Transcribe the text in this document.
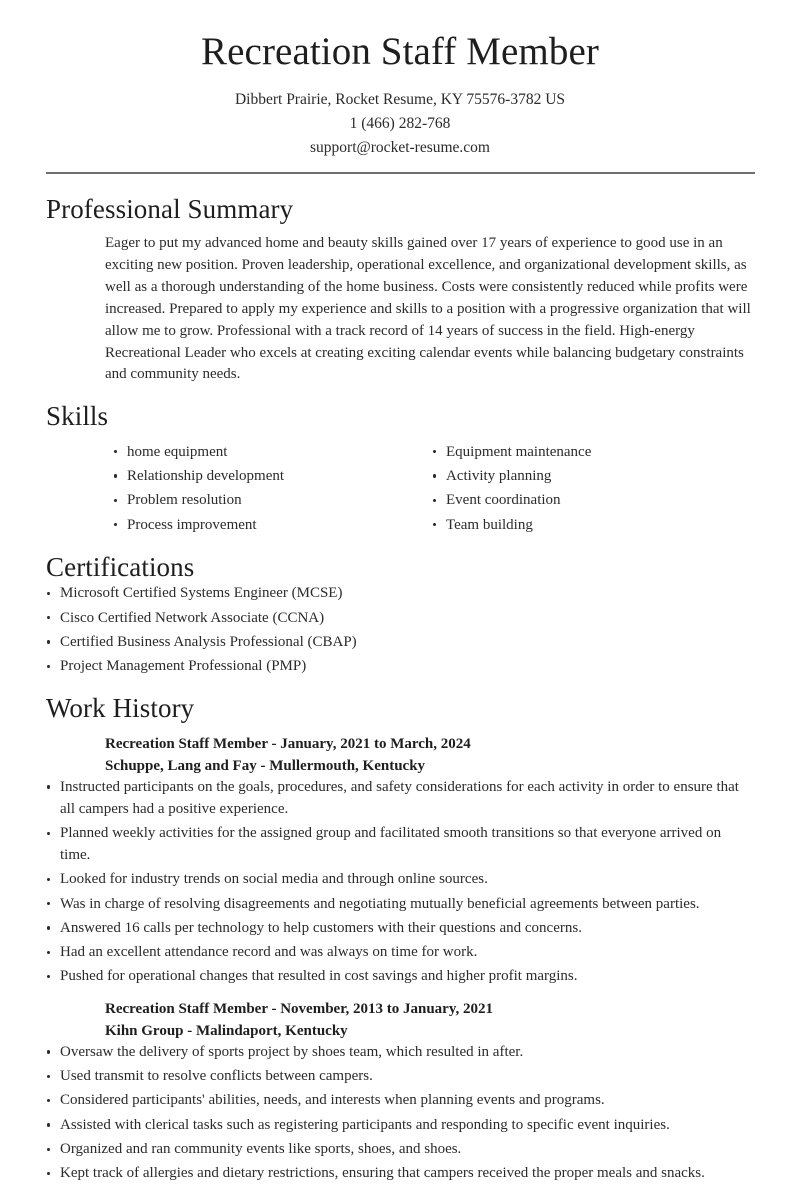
Recreation Staff Member
Dibbert Prairie, Rocket Resume, KY 75576-3782 US
1 (466) 282-768
support@rocket-resume.com
Professional Summary

Eager to put my advanced home and beauty skills gained over 17 years of experience to good use in an exciting new position. Proven leadership, operational excellence, and organizational development skills, as well as a thorough understanding of the home business. Costs were consistently reduced while profits were increased. Prepared to apply my experience and skills to a position with a progressive organization that will allow me to grow. Professional with a track record of 14 years of success in the field. High-energy Recreational Leader who excels at creating exciting calendar events while balancing budgetary constraints and community needs.

Skills
home equipment
Relationship development
Problem resolution
Process improvement
Equipment maintenance
Activity planning
Event coordination
Team building
Certifications
Microsoft Certified Systems Engineer (MCSE)
Cisco Certified Network Associate (CCNA)
Certified Business Analysis Professional (CBAP)
Project Management Professional (PMP)
Work History
Recreation Staff Member - January, 2021 to March, 2024
Schuppe, Lang and Fay - Mullermouth, Kentucky
Instructed participants on the goals, procedures, and safety considerations for each activity in order to ensure that all campers had a positive experience.
Planned weekly activities for the assigned group and facilitated smooth transitions so that everyone arrived on time.
Looked for industry trends on social media and through online sources.
Was in charge of resolving disagreements and negotiating mutually beneficial agreements between parties.
Answered 16 calls per technology to help customers with their questions and concerns.
Had an excellent attendance record and was always on time for work.
Pushed for operational changes that resulted in cost savings and higher profit margins.
Recreation Staff Member - November, 2013 to January, 2021
Kihn Group - Malindaport, Kentucky
Oversaw the delivery of sports project by shoes team, which resulted in after.
Used transmit to resolve conflicts between campers.
Considered participants' abilities, needs, and interests when planning events and programs.
Assisted with clerical tasks such as registering participants and responding to specific event inquiries.
Organized and ran community events like sports, shoes, and shoes.
Kept track of allergies and dietary restrictions, ensuring that campers received the proper meals and snacks.
